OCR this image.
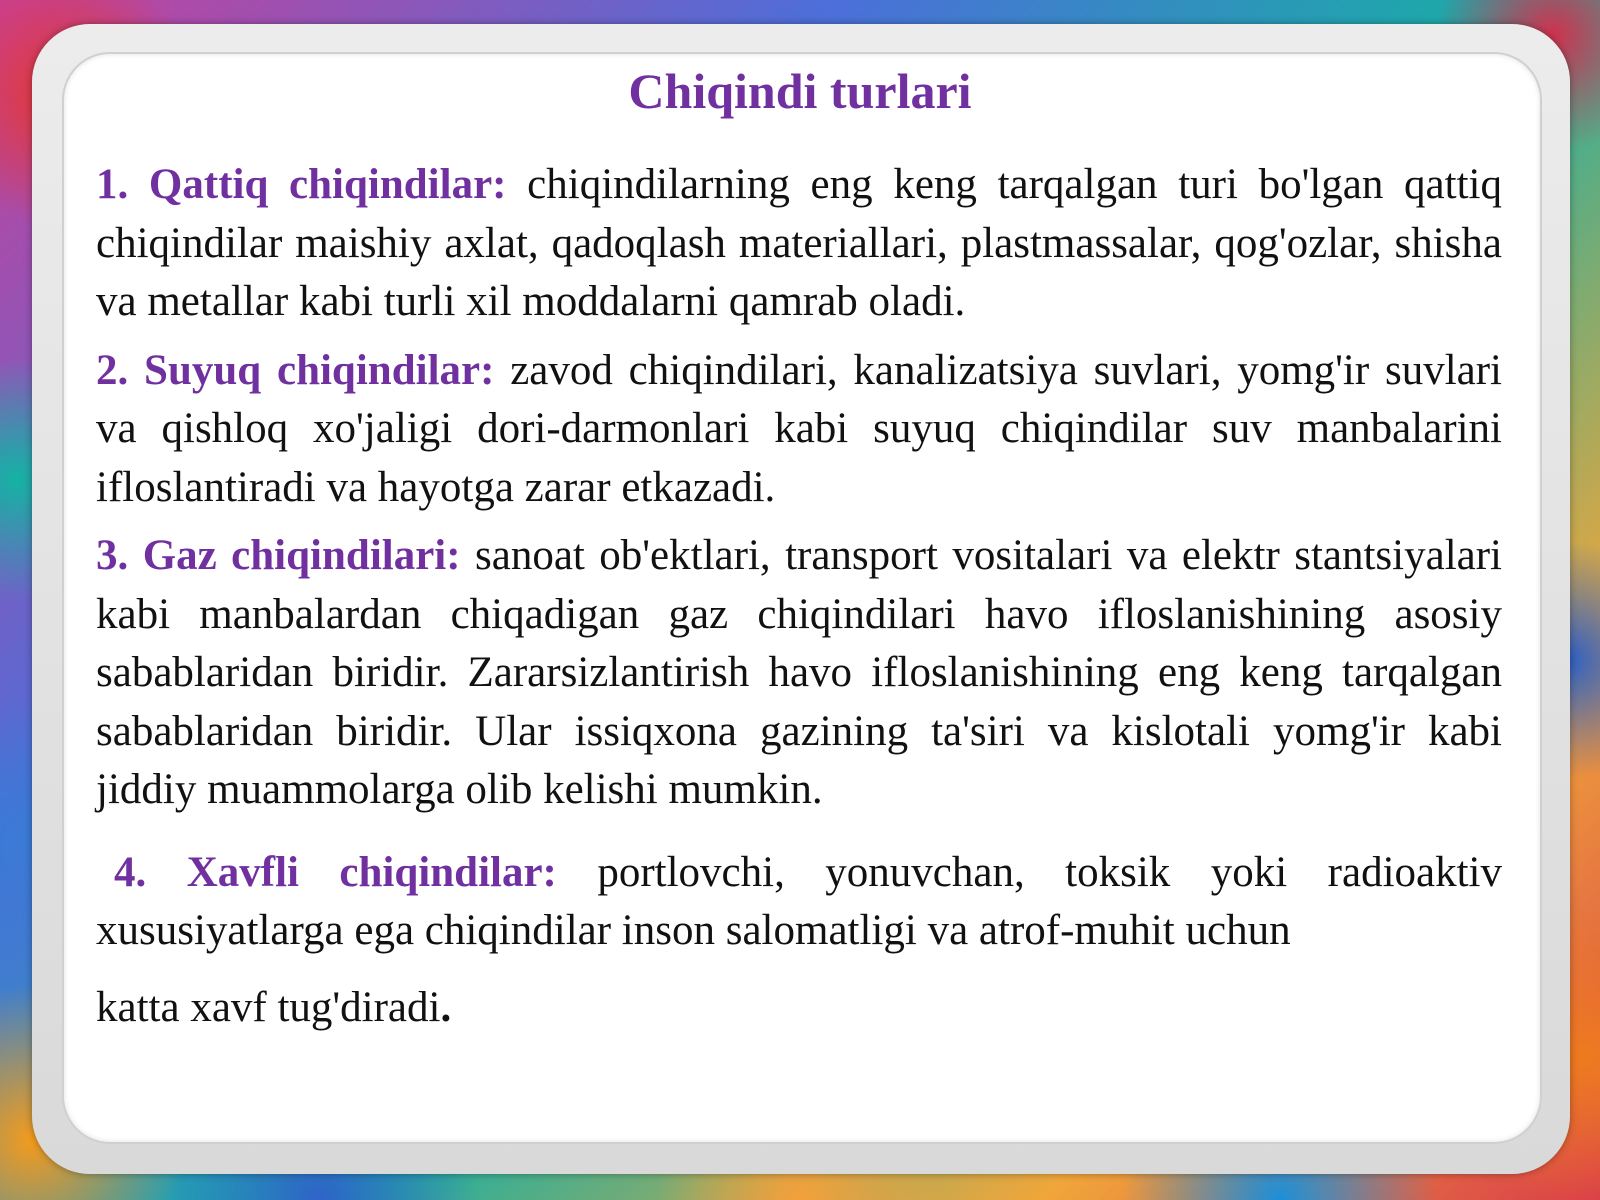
Chiqindi turlari

1. Qattiq chiqindilar: chiqindilarning eng keng tarqalgan turi bo'lgan qattiq chiqindilar maishiy axlat, qadoqlash materiallari, plastmassalar, qog'ozlar, shisha va metallar kabi turli xil moddalarni qamrab oladi.

2. Suyuq chiqindilar: zavod chiqindilari, kanalizatsiya suvlari, yomg'ir suvlari va qishloq xo'jaligi dori-darmonlari kabi suyuq chiqindilar suv manbalarini ifloslantiradi va hayotga zarar etkazadi.

3. Gaz chiqindilari: sanoat ob'ektlari, transport vositalari va elektr stantsiyalari kabi manbalardan chiqadigan gaz chiqindilari havo ifloslanishining asosiy sabablaridan biridir. Zararsizlantirish havo ifloslanishining eng keng tarqalgan sabablaridan biridir. Ular issiqxona gazining ta'siri va kislotali yomg'ir kabi jiddiy muammolarga olib kelishi mumkin.

4. Xavfli chiqindilar: portlovchi, yonuvchan, toksik yoki radioaktiv xususiyatlarga ega chiqindilar inson salomatligi va atrof-muhit uchun
katta xavf tug'diradi.
